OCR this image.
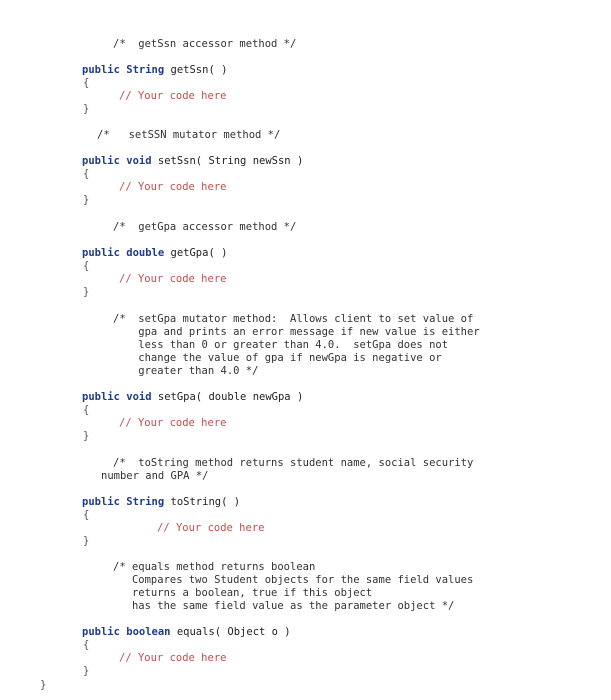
/*  getSsn accessor method */
public String getSsn( )
{
// Your code here
}
/*   setSSN mutator method */
public void setSsn( String newSsn )
{
// Your code here
}
/*  getGpa accessor method */
public double getGpa( )
{
// Your code here
}
/*  setGpa mutator method:  Allows client to set value of
gpa and prints an error message if new value is either
less than 0 or greater than 4.0.  setGpa does not
change the value of gpa if newGpa is negative or
greater than 4.0 */
public void setGpa( double newGpa )
{
// Your code here
}
/*  toString method returns student name, social security
number and GPA */
public String toString( )
{
// Your code here
}
/* equals method returns boolean
Compares two Student objects for the same field values
returns a boolean, true if this object
has the same field value as the parameter object */
public boolean equals( Object o )
{
// Your code here
}
}
